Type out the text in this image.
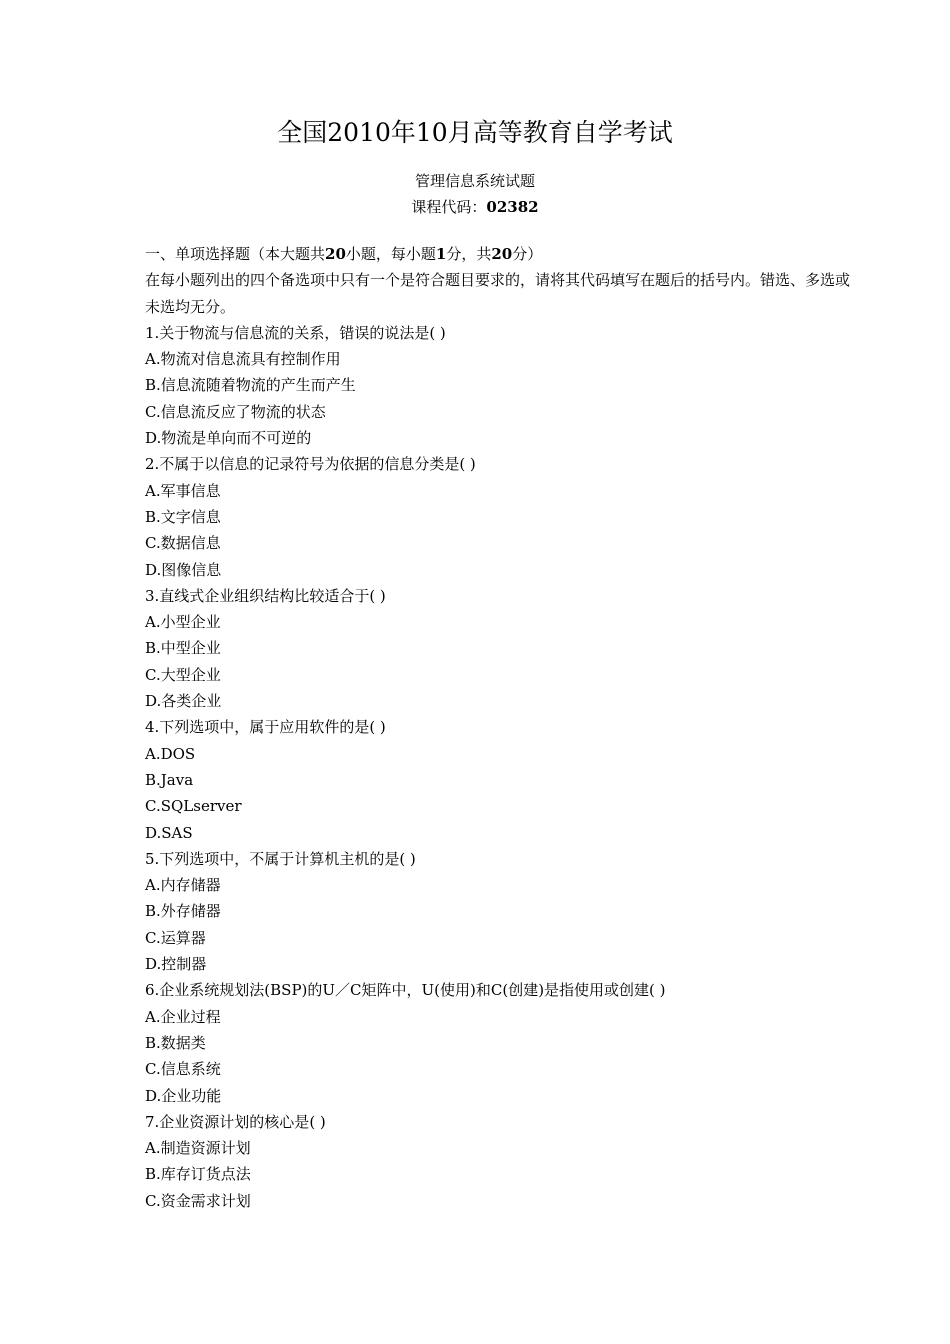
全国2010年10月高等教育自学考试
管理信息系统试题
课程代码：02382
一、单项选择题（本大题共20小题，每小题1分，共20分）
在每小题列出的四个备选项中只有一个是符合题目要求的，请将其代码填写在题后的括号内。错选、多选或未选均无分。
1.关于物流与信息流的关系，错误的说法是( )
A.物流对信息流具有控制作用
B.信息流随着物流的产生而产生
C.信息流反应了物流的状态
D.物流是单向而不可逆的
2.不属于以信息的记录符号为依据的信息分类是( )
A.军事信息
B.文字信息
C.数据信息
D.图像信息
3.直线式企业组织结构比较适合于( )
A.小型企业
B.中型企业
C.大型企业
D.各类企业
4.下列选项中，属于应用软件的是( )
A.DOS
B.Java
C.SQLserver
D.SAS
5.下列选项中，不属于计算机主机的是( )
A.内存储器
B.外存储器
C.运算器
D.控制器
6.企业系统规划法(BSP)的U／C矩阵中，U(使用)和C(创建)是指使用或创建( )
A.企业过程
B.数据类
C.信息系统
D.企业功能
7.企业资源计划的核心是( )
A.制造资源计划
B.库存订货点法
C.资金需求计划
